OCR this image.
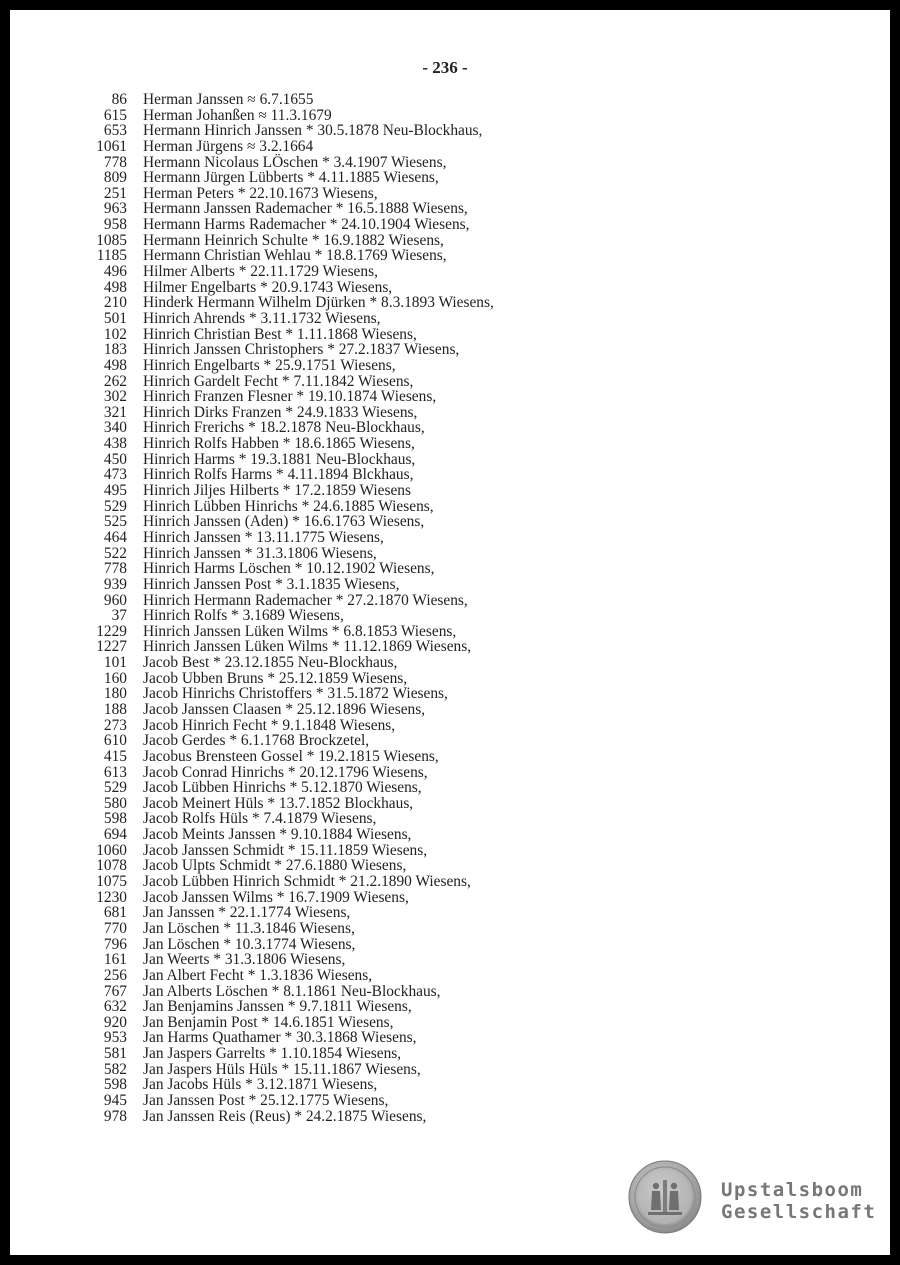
- 236 -
86 Herman Janssen ≈ 6.7.1655
615 Herman Johanßen ≈ 11.3.1679
653 Hermann Hinrich Janssen * 30.5.1878 Neu-Blockhaus,
1061 Herman Jürgens ≈ 3.2.1664
778 Hermann Nicolaus LÖschen * 3.4.1907 Wiesens,
809 Hermann Jürgen Lübberts * 4.11.1885 Wiesens,
251 Herman Peters * 22.10.1673 Wiesens,
963 Hermann Janssen Rademacher * 16.5.1888 Wiesens,
958 Hermann Harms Rademacher * 24.10.1904 Wiesens,
1085 Hermann Heinrich Schulte * 16.9.1882 Wiesens,
1185 Hermann Christian Wehlau * 18.8.1769 Wiesens,
496 Hilmer Alberts * 22.11.1729 Wiesens,
498 Hilmer Engelbarts * 20.9.1743 Wiesens,
210 Hinderk Hermann Wilhelm Djürken * 8.3.1893 Wiesens,
501 Hinrich Ahrends * 3.11.1732 Wiesens,
102 Hinrich Christian Best * 1.11.1868 Wiesens,
183 Hinrich Janssen Christophers * 27.2.1837 Wiesens,
498 Hinrich Engelbarts * 25.9.1751 Wiesens,
262 Hinrich Gardelt Fecht * 7.11.1842 Wiesens,
302 Hinrich Franzen Flesner * 19.10.1874 Wiesens,
321 Hinrich Dirks Franzen * 24.9.1833 Wiesens,
340 Hinrich Frerichs * 18.2.1878 Neu-Blockhaus,
438 Hinrich Rolfs Habben * 18.6.1865 Wiesens,
450 Hinrich Harms * 19.3.1881 Neu-Blockhaus,
473 Hinrich Rolfs Harms * 4.11.1894 Blckhaus,
495 Hinrich Jiljes Hilberts * 17.2.1859 Wiesens
529 Hinrich Lübben Hinrichs * 24.6.1885 Wiesens,
525 Hinrich Janssen (Aden) * 16.6.1763 Wiesens,
464 Hinrich Janssen * 13.11.1775 Wiesens,
522 Hinrich Janssen * 31.3.1806 Wiesens,
778 Hinrich Harms Löschen * 10.12.1902 Wiesens,
939 Hinrich Janssen Post * 3.1.1835 Wiesens,
960 Hinrich Hermann Rademacher * 27.2.1870 Wiesens,
37 Hinrich Rolfs * 3.1689 Wiesens,
1229 Hinrich Janssen Lüken Wilms * 6.8.1853 Wiesens,
1227 Hinrich Janssen Lüken Wilms * 11.12.1869 Wiesens,
101 Jacob Best * 23.12.1855 Neu-Blockhaus,
160 Jacob Ubben Bruns * 25.12.1859 Wiesens,
180 Jacob Hinrichs Christoffers * 31.5.1872 Wiesens,
188 Jacob Janssen Claasen * 25.12.1896 Wiesens,
273 Jacob Hinrich Fecht * 9.1.1848 Wiesens,
610 Jacob Gerdes * 6.1.1768 Brockzetel,
415 Jacobus Brensteen Gossel * 19.2.1815 Wiesens,
613 Jacob Conrad Hinrichs * 20.12.1796 Wiesens,
529 Jacob Lübben Hinrichs * 5.12.1870 Wiesens,
580 Jacob Meinert Hüls * 13.7.1852 Blockhaus,
598 Jacob Rolfs Hüls * 7.4.1879 Wiesens,
694 Jacob Meints Janssen * 9.10.1884 Wiesens,
1060 Jacob Janssen Schmidt * 15.11.1859 Wiesens,
1078 Jacob Ulpts Schmidt * 27.6.1880 Wiesens,
1075 Jacob Lübben Hinrich Schmidt * 21.2.1890 Wiesens,
1230 Jacob Janssen Wilms * 16.7.1909 Wiesens,
681 Jan Janssen * 22.1.1774 Wiesens,
770 Jan Löschen * 11.3.1846 Wiesens,
796 Jan Löschen * 10.3.1774 Wiesens,
161 Jan Weerts * 31.3.1806 Wiesens,
256 Jan Albert Fecht * 1.3.1836 Wiesens,
767 Jan Alberts Löschen * 8.1.1861 Neu-Blockhaus,
632 Jan Benjamins Janssen * 9.7.1811 Wiesens,
920 Jan Benjamin Post * 14.6.1851 Wiesens,
953 Jan Harms Quathamer * 30.3.1868 Wiesens,
581 Jan Jaspers Garrelts * 1.10.1854 Wiesens,
582 Jan Jaspers Hüls Hüls * 15.11.1867 Wiesens,
598 Jan Jacobs Hüls * 3.12.1871 Wiesens,
945 Jan Janssen Post * 25.12.1775 Wiesens,
978 Jan Janssen Reis (Reus) * 24.2.1875 Wiesens,
Upstalsboom
Gesellschaft
